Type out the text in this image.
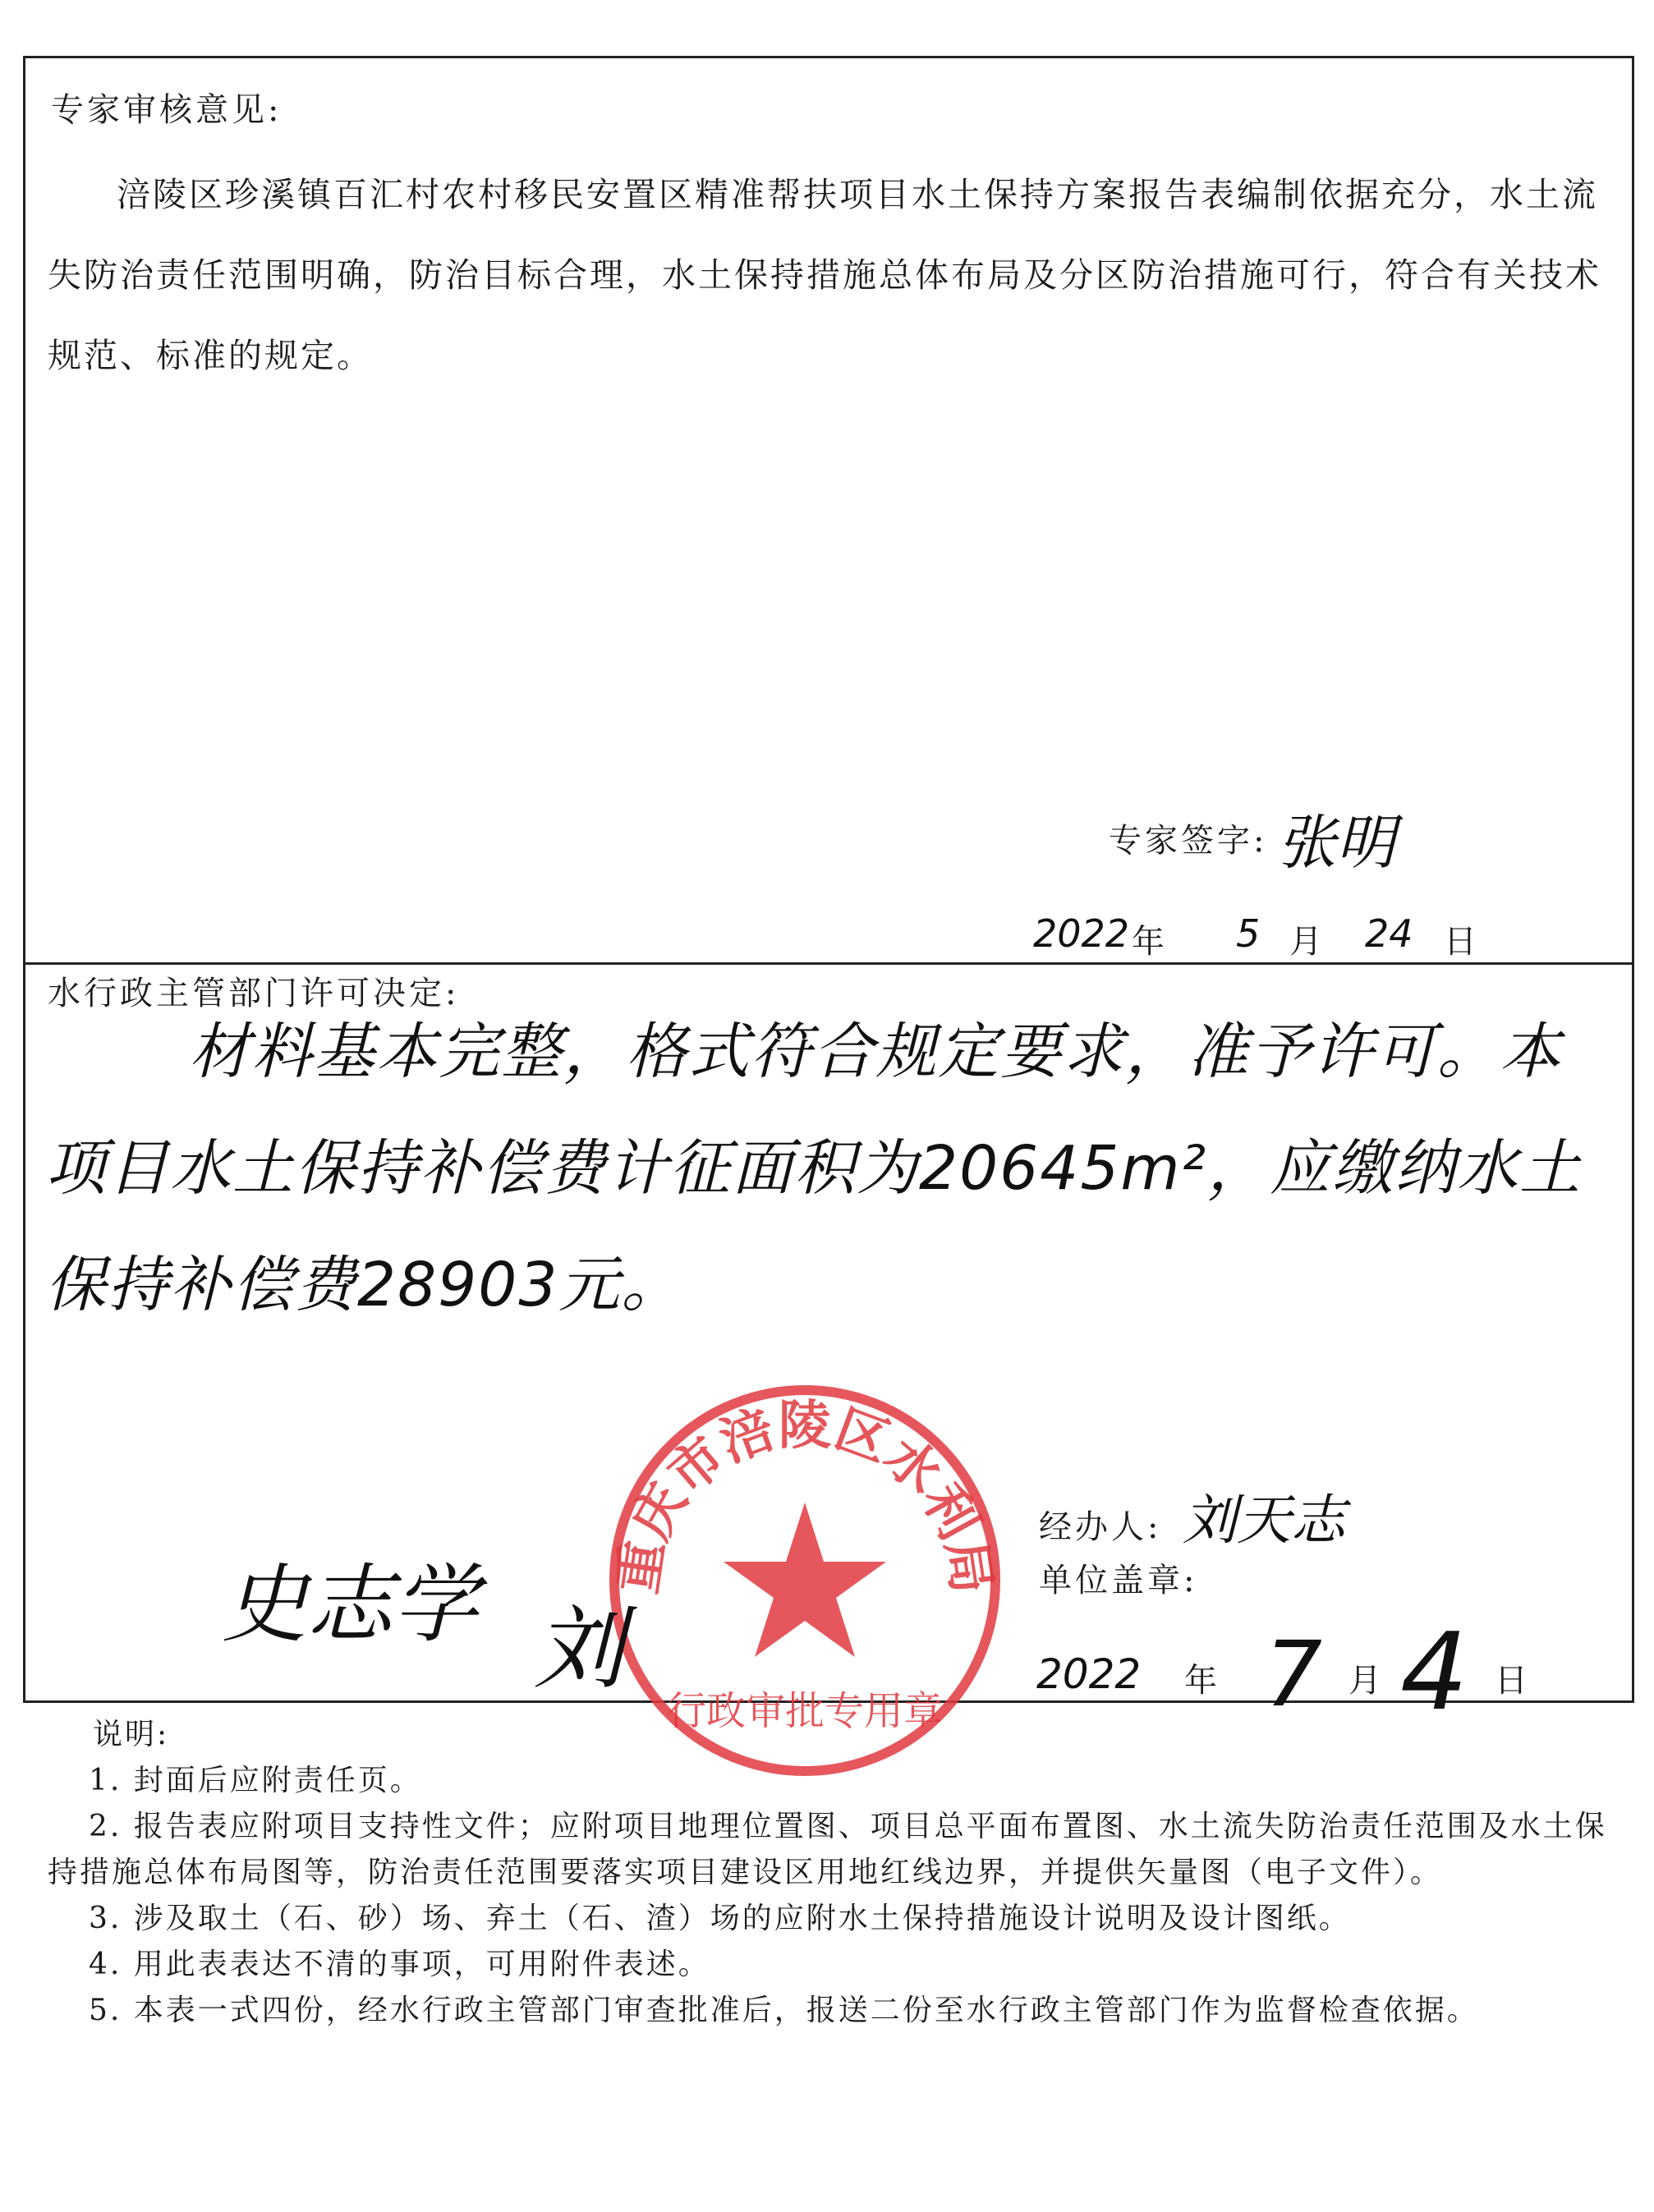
专家审核意见:
涪陵区珍溪镇百汇村农村移民安置区精准帮扶项目水土保持方案报告表编制依据充分，水土流失防治责任范围明确，防治目标合理，水土保持措施总体布局及分区防治措施可行，符合有关技术规范、标准的规定。
专家签字: 张明
2022 年 5 月 24 日
水行政主管部门许可决定:
材料基本完整，格式符合规定要求，准予许可。本项目水土保持补偿费计征面积为20645m²，应缴纳水土保持补偿费28903元。
重庆市涪陵区水利局
行政审批专用章
史志学 刘
经办人: 刘天志
单位盖章:
2022 年 7 月 4 日

说明:

1. 封面后应附责任页。

2. 报告表应附项目支持性文件；应附项目地理位置图、项目总平面布置图、水土流失防治责任范围及水土保持措施总体布局图等，防治责任范围要落实项目建设区用地红线边界，并提供矢量图（电子文件）。

3. 涉及取土（石、砂）场、弃土（石、渣）场的应附水土保持措施设计说明及设计图纸。

4. 用此表表达不清的事项，可用附件表述。

5. 本表一式四份，经水行政主管部门审查批准后，报送二份至水行政主管部门作为监督检查依据。
